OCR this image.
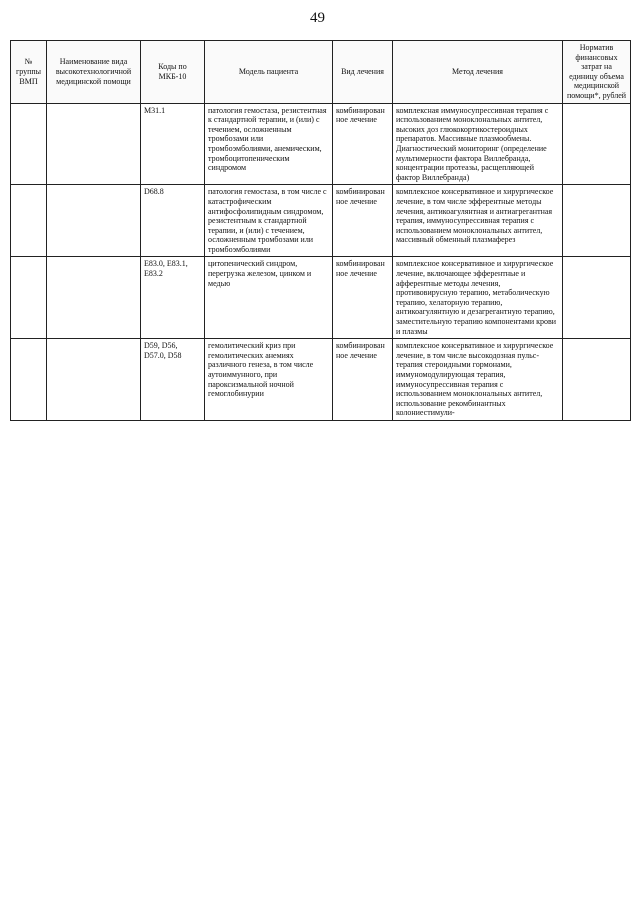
49
№ группы ВМП	Наименование вида высокотехнологичной медицинской помощи	Коды по МКБ-10	Модель пациента	Вид лечения	Метод лечения	Норматив финансовых затрат на единицу объема медицинской помощи*, рублей
		M31.1	патология гемостаза, резистентная к стандартной терапии, и (или) с течением, осложненным тромбозами или тромбоэмболиями, анемическим, тромбоцитопеническим синдромом	комбинированное лечение	комплексная иммуносупрессивная терапия с использованием моноклональных антител, высоких доз глюкокортикостероидных препаратов. Массивные плазмообмены. Диагностический мониторинг (определение мультимерности фактора Виллебранда, концентрации протеазы, расщепляющей фактор Виллебранда)	
		D68.8	патология гемостаза, в том числе с катастрофическим антифосфолипидным синдромом, резистентным к стандартной терапии, и (или) с течением, осложненным тромбозами или тромбоэмболиями	комбинированное лечение	комплексное консервативное и хирургическое лечение, в том числе эфферентные методы лечения, антикоагулянтная и антиагрегантная терапия, иммуносупрессивная терапия с использованием моноклональных антител, массивный обменный плазмаферез	
		E83.0, E83.1, E83.2	цитопенический синдром, перегрузка железом, цинком и медью	комбинированное лечение	комплексное консервативное и хирургическое лечение, включающее эфферентные и афферентные методы лечения, противовирусную терапию, метаболическую терапию, хелаторную терапию, антикоагулянтную и дезагрегантную терапию, заместительную терапию компонентами крови и плазмы	
		D59, D56, D57.0, D58	гемолитический криз при гемолитических анемиях различного генеза, в том числе аутоиммунного, при пароксизмальной ночной гемоглобинурии	комбинированное лечение	комплексное консервативное и хирургическое лечение, в том числе высокодозная пульс-терапия стероидными гормонами, иммуномодулирующая терапия, иммуносупрессивная терапия с использованием моноклональных антител, использование рекомбинантных колониестимули-	
